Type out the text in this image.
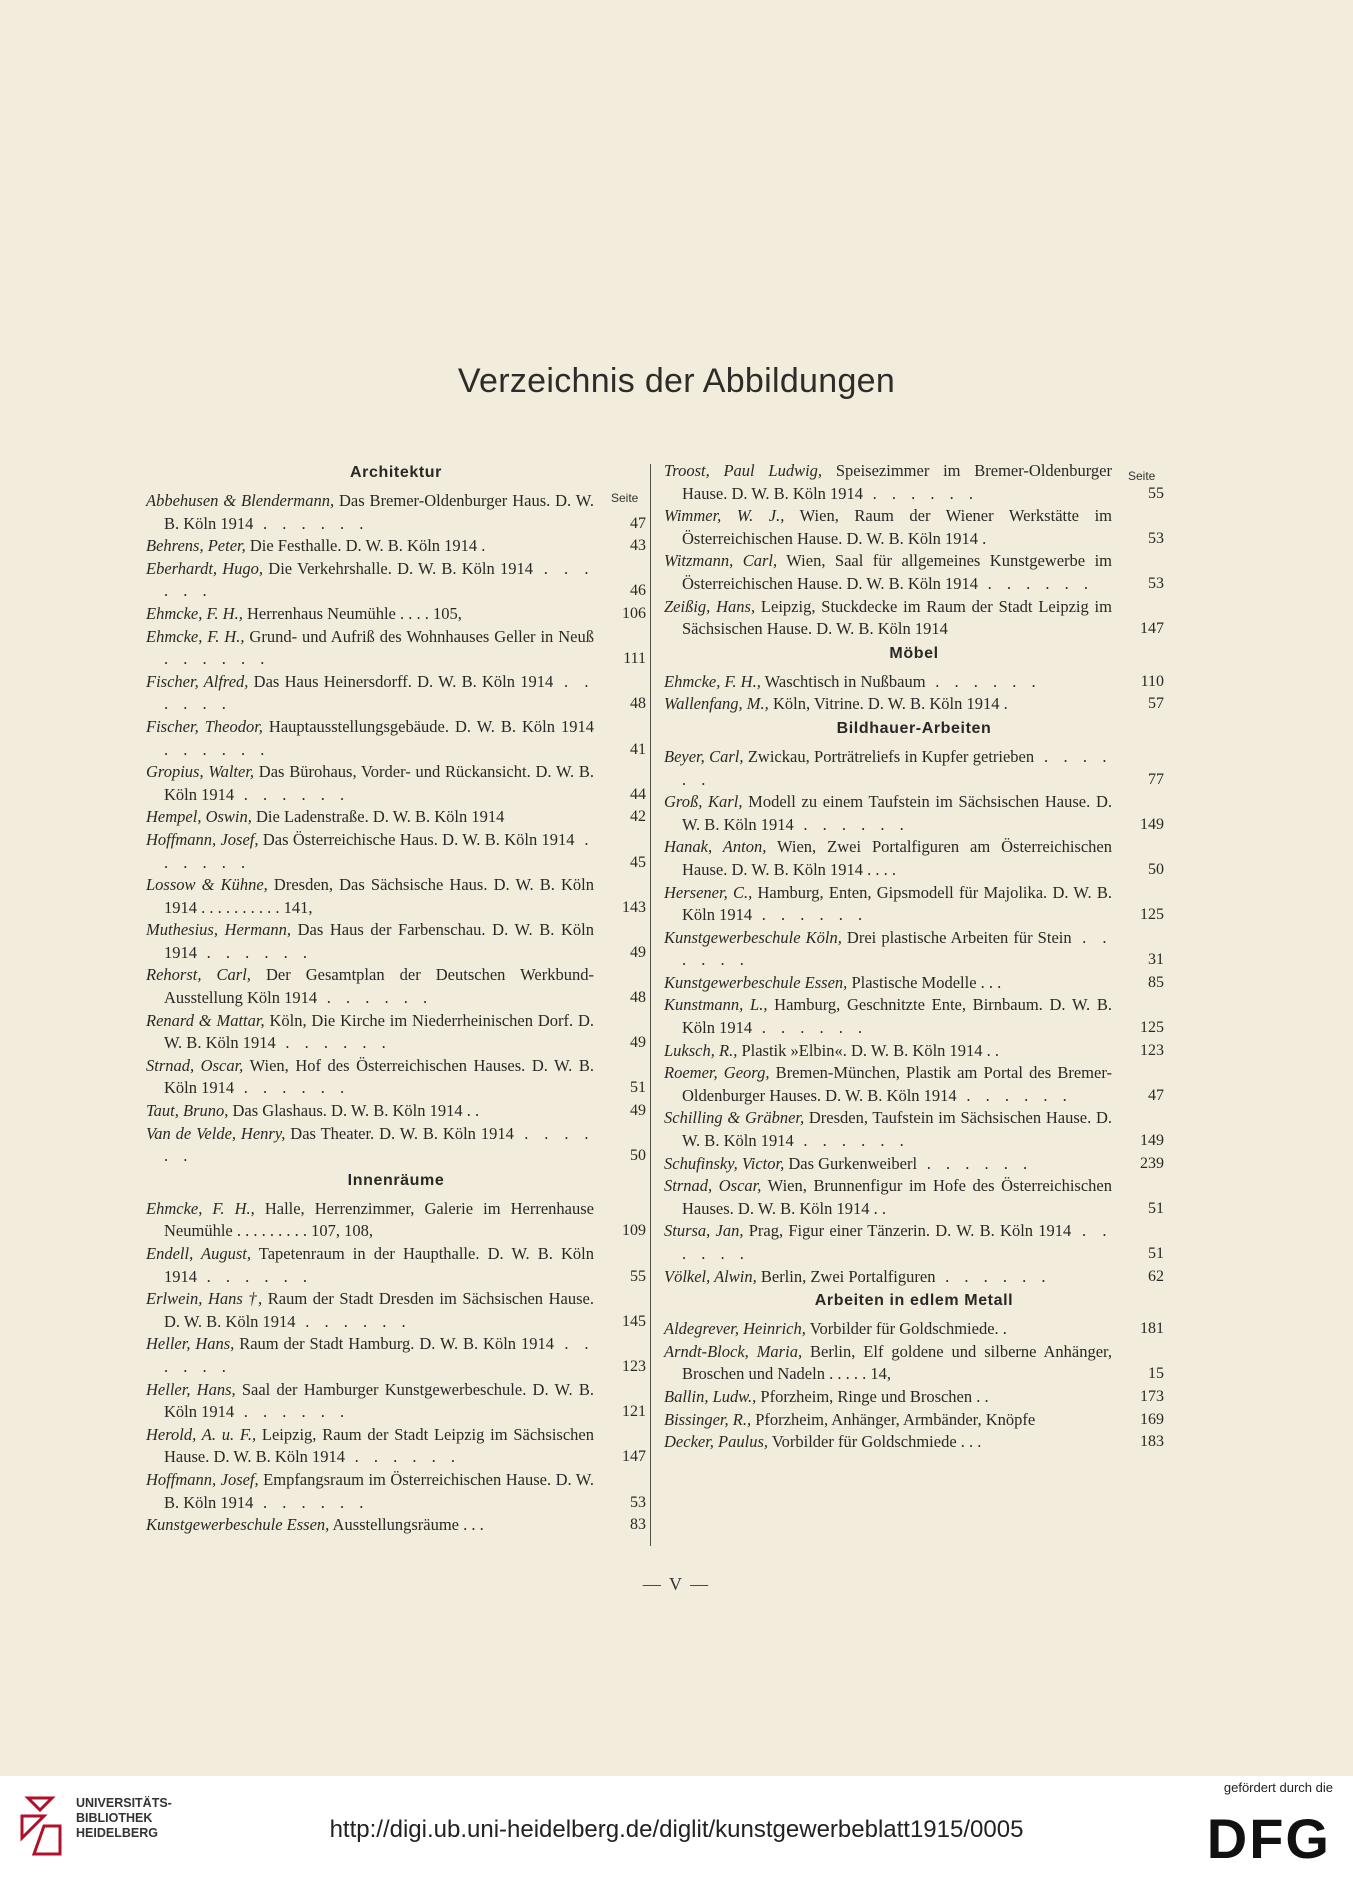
Verzeichnis der Abbildungen
Seite
Seite
Architektur
Abbehusen & Blendermann, Das Bremer-Oldenburger Haus. D. W. B. Köln 1914 . . . . . .	47
Behrens, Peter, Die Festhalle. D. W. B. Köln 1914 .	43
Eberhardt, Hugo, Die Verkehrshalle. D. W. B. Köln 1914 . . . . . .	46
Ehmcke, F. H., Herrenhaus Neumühle . . . . 105,	106
Ehmcke, F. H., Grund- und Aufriß des Wohnhauses Geller in Neuß . . . . . .	111
Fischer, Alfred, Das Haus Heinersdorff. D. W. B. Köln 1914 . . . . . .	48
Fischer, Theodor, Hauptausstellungsgebäude. D. W. B. Köln 1914 . . . . . .	41
Gropius, Walter, Das Bürohaus, Vorder- und Rückansicht. D. W. B. Köln 1914 . . . . . .	44
Hempel, Oswin, Die Ladenstraße. D. W. B. Köln 1914	42
Hoffmann, Josef, Das Österreichische Haus. D. W. B. Köln 1914 . . . . . .	45
Lossow & Kühne, Dresden, Das Sächsische Haus. D. W. B. Köln 1914 . . . . . . . . . . 141,	143
Muthesius, Hermann, Das Haus der Farbenschau. D. W. B. Köln 1914 . . . . . .	49
Rehorst, Carl, Der Gesamtplan der Deutschen Werkbund-Ausstellung Köln 1914 . . . . . .	48
Renard & Mattar, Köln, Die Kirche im Niederrheinischen Dorf. D. W. B. Köln 1914 . . . . . .	49
Strnad, Oscar, Wien, Hof des Österreichischen Hauses. D. W. B. Köln 1914 . . . . . .	51
Taut, Bruno, Das Glashaus. D. W. B. Köln 1914 . .	49
Van de Velde, Henry, Das Theater. D. W. B. Köln 1914 . . . . . .	50
Innenräume
Ehmcke, F. H., Halle, Herrenzimmer, Galerie im Herrenhause Neumühle . . . . . . . . . 107, 108,	109
Endell, August, Tapetenraum in der Haupthalle. D. W. B. Köln 1914 . . . . . .	55
Erlwein, Hans †, Raum der Stadt Dresden im Sächsischen Hause. D. W. B. Köln 1914 . . . . . .	145
Heller, Hans, Raum der Stadt Hamburg. D. W. B. Köln 1914 . . . . . .	123
Heller, Hans, Saal der Hamburger Kunstgewerbeschule. D. W. B. Köln 1914 . . . . . .	121
Herold, A. u. F., Leipzig, Raum der Stadt Leipzig im Sächsischen Hause. D. W. B. Köln 1914 . . . . . .	147
Hoffmann, Josef, Empfangsraum im Österreichischen Hause. D. W. B. Köln 1914 . . . . . .	53
Kunstgewerbeschule Essen, Ausstellungsräume . . .	83
Troost, Paul Ludwig, Speisezimmer im Bremer-Oldenburger Hause. D. W. B. Köln 1914 . . . . . .	55
Wimmer, W. J., Wien, Raum der Wiener Werkstätte im Österreichischen Hause. D. W. B. Köln 1914 .	53
Witzmann, Carl, Wien, Saal für allgemeines Kunstgewerbe im Österreichischen Hause. D. W. B. Köln 1914 . . . . . .	53
Zeißig, Hans, Leipzig, Stuckdecke im Raum der Stadt Leipzig im Sächsischen Hause. D. W. B. Köln 1914	147
Möbel
Ehmcke, F. H., Waschtisch in Nußbaum . . . . . .	110
Wallenfang, M., Köln, Vitrine. D. W. B. Köln 1914 .	57
Bildhauer-Arbeiten
Beyer, Carl, Zwickau, Porträtreliefs in Kupfer getrieben . . . . . .	77
Groß, Karl, Modell zu einem Taufstein im Sächsischen Hause. D. W. B. Köln 1914 . . . . . .	149
Hanak, Anton, Wien, Zwei Portalfiguren am Österreichischen Hause. D. W. B. Köln 1914 . . . .	50
Hersener, C., Hamburg, Enten, Gipsmodell für Majolika. D. W. B. Köln 1914 . . . . . .	125
Kunstgewerbeschule Köln, Drei plastische Arbeiten für Stein . . . . . .	31
Kunstgewerbeschule Essen, Plastische Modelle . . .	85
Kunstmann, L., Hamburg, Geschnitzte Ente, Birnbaum. D. W. B. Köln 1914 . . . . . .	125
Luksch, R., Plastik »Elbin«. D. W. B. Köln 1914 . .	123
Roemer, Georg, Bremen-München, Plastik am Portal des Bremer-Oldenburger Hauses. D. W. B. Köln 1914 . . . . . .	47
Schilling & Gräbner, Dresden, Taufstein im Sächsischen Hause. D. W. B. Köln 1914 . . . . . .	149
Schufinsky, Victor, Das Gurkenweiberl . . . . . .	239
Strnad, Oscar, Wien, Brunnenfigur im Hofe des Österreichischen Hauses. D. W. B. Köln 1914 . .	51
Stursa, Jan, Prag, Figur einer Tänzerin. D. W. B. Köln 1914 . . . . . .	51
Völkel, Alwin, Berlin, Zwei Portalfiguren . . . . . .	62
Arbeiten in edlem Metall
Aldegrever, Heinrich, Vorbilder für Goldschmiede. .	181
Arndt-Block, Maria, Berlin, Elf goldene und silberne Anhänger, Broschen und Nadeln . . . . . 14,	15
Ballin, Ludw., Pforzheim, Ringe und Broschen . .	173
Bissinger, R., Pforzheim, Anhänger, Armbänder, Knöpfe	169
Decker, Paulus, Vorbilder für Goldschmiede . . .	183
— V —
UNIVERSITÄTS-
BIBLIOTHEK
HEIDELBERG	http://digi.ub.uni-heidelberg.de/diglit/kunstgewerbeblatt1915/0005
gefördert durch die
DFG
